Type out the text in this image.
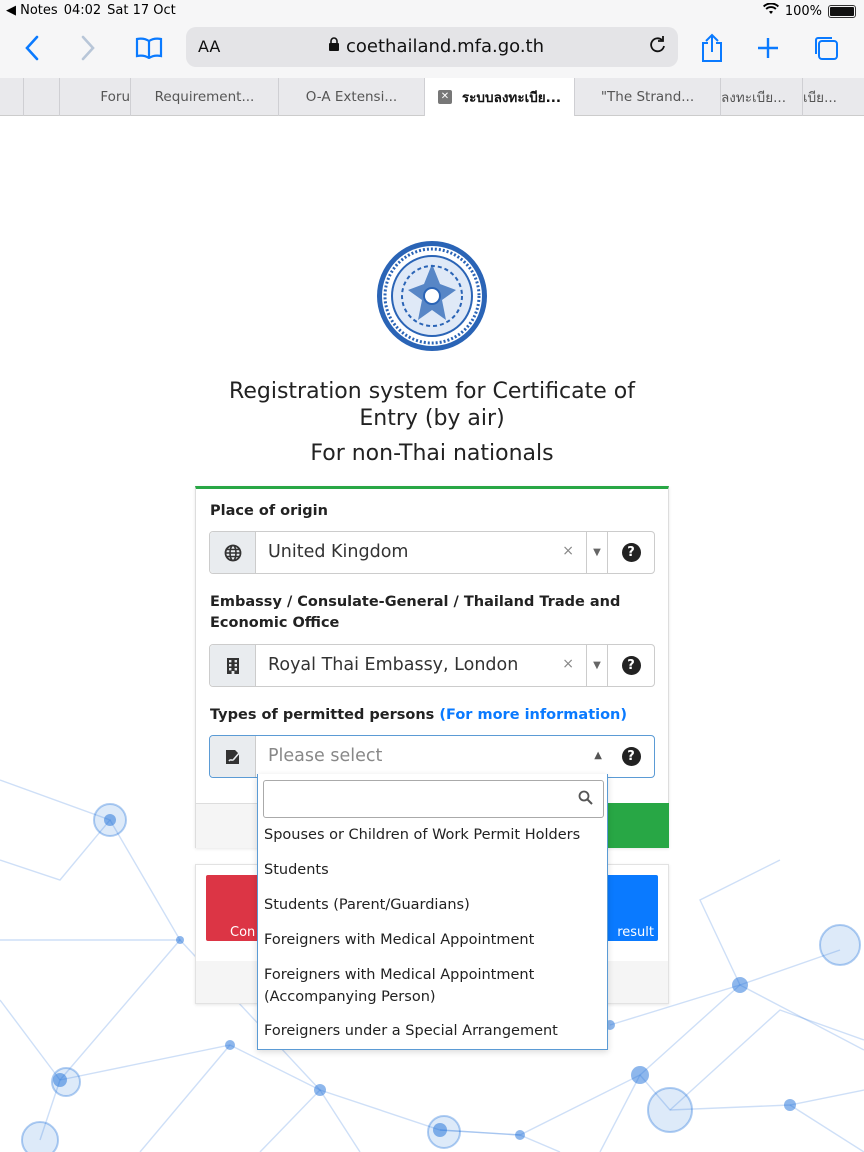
◀ Notes 04:02 Sat 17 Oct	100%
AA	coethailand.mfa.go.th
Foru Requirement...	O-A Extensi...	✕ ระบบลงทะเบีย...	"The Strand... ลงทะเบีย... เบีย...
Registration system for Certificate of Entry (by air)
For non-Thai nationals
Place of origin
United Kingdom	×	▼	?
Embassy / Consulate-General / Thailand Trade and Economic Office
Royal Thai Embassy, London	×	▼	?
Types of permitted persons (For more information)
Please select	▲	?
Con	result
Spouses or Children of Work Permit Holders
Students
Students (Parent/Guardians)
Foreigners with Medical Appointment
Foreigners with Medical Appointment (Accompanying Person)
Foreigners under a Special Arrangement
